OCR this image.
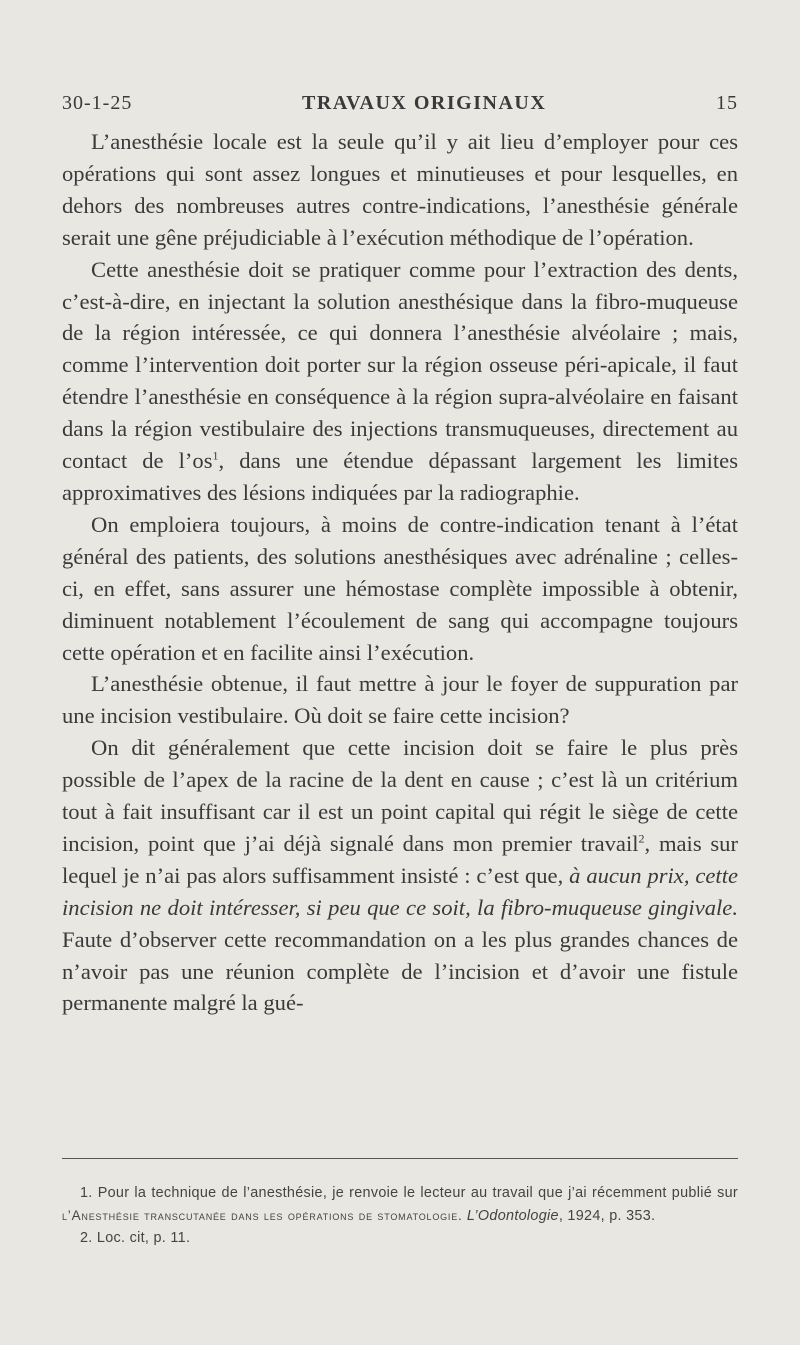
30-1-25	TRAVAUX ORIGINAUX	15

L’anesthésie locale est la seule qu’il y ait lieu d’employer pour ces opérations qui sont assez longues et minutieuses et pour lesquelles, en dehors des nombreuses autres contre-indications, l’anesthésie générale serait une gêne préjudiciable à l’exécution méthodique de l’opération.

Cette anesthésie doit se pratiquer comme pour l’extraction des dents, c’est-à-dire, en injectant la solution anesthésique dans la fibro-muqueuse de la région intéressée, ce qui donnera l’anesthésie alvéolaire ; mais, comme l’intervention doit porter sur la région osseuse péri-apicale, il faut étendre l’anesthésie en conséquence à la région supra-alvéolaire en faisant dans la région vestibulaire des injections transmuqueuses, directement au contact de $l’os^1$, dans une étendue dépassant largement les limites approximatives des lésions indiquées par la radiographie.

On emploiera toujours, à moins de contre-indication tenant à l’état général des patients, des solutions anesthésiques avec adrénaline ; celles-ci, en effet, sans assurer une hémostase complète impossible à obtenir, diminuent notablement l’écoulement de sang qui accompagne toujours cette opération et en facilite ainsi l’exécution.

L’anesthésie obtenue, il faut mettre à jour le foyer de suppuration par une incision vestibulaire. Où doit se faire cette incision?

On dit généralement que cette incision doit se faire le plus près possible de l’apex de la racine de la dent en cause ; c’est là un critérium tout à fait insuffisant car il est un point capital qui régit le siège de cette incision, point que j’ai déjà signalé dans mon premier travail$^2$, mais sur lequel je n’ai pas alors suffisamment insisté : c’est que, à aucun prix, cette incision ne doit intéresser, si peu que ce soit, la fibro-muqueuse gingivale. Faute d’observer cette recommandation on a les plus grandes chances de n’avoir pas une réunion complète de l’incision et d’avoir une fistule permanente malgré la gué-

1. Pour la technique de l’anesthésie, je renvoie le lecteur au travail que j’ai récemment publié sur l’Anesthésie transcutanée dans les opérations de stomatologie. L’Odontologie, 1924, p. 353.

2. Loc. cit, p. 11.
